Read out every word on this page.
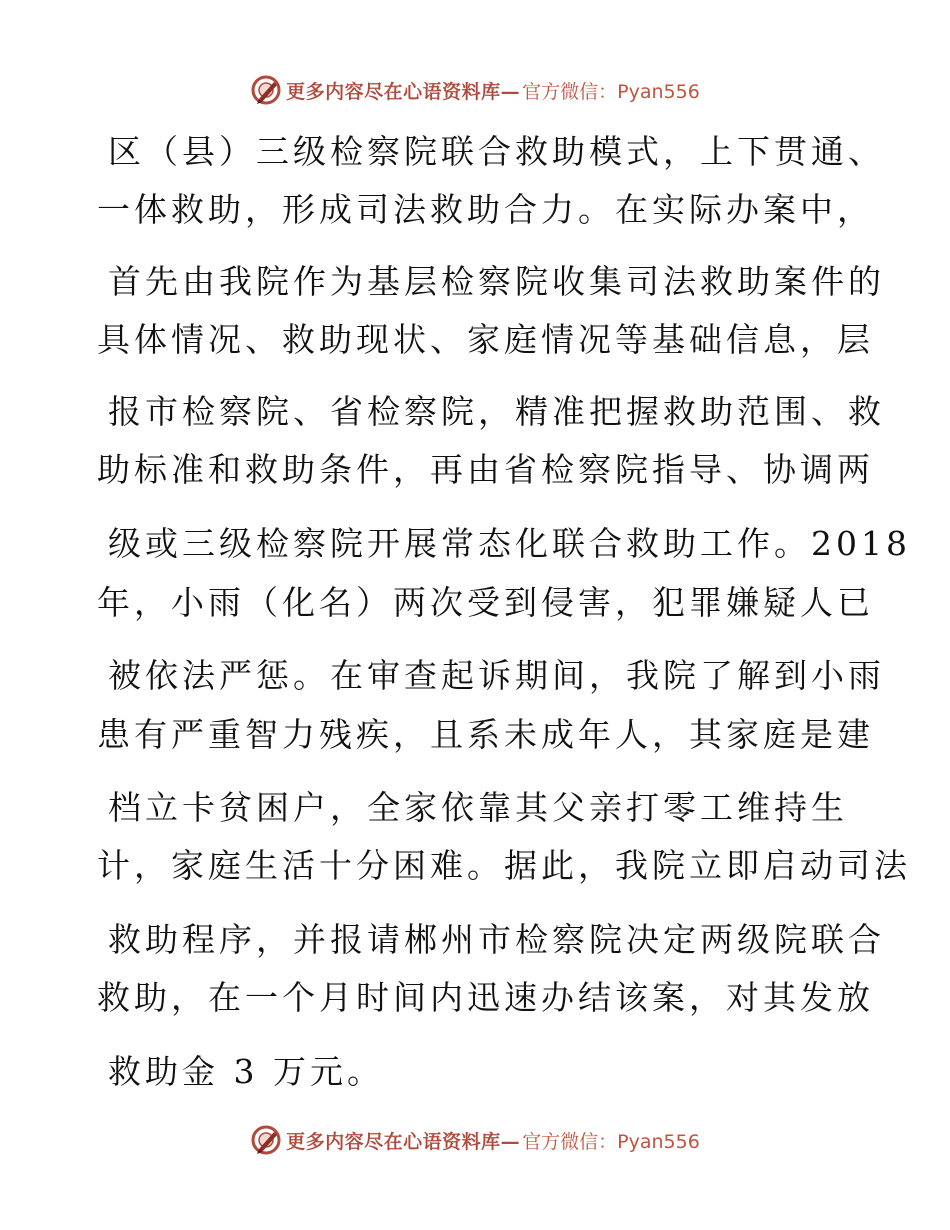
更多内容尽在心语资料库— 官方微信：Pyan556
区（县）三级检察院联合救助模式，上下贯通、
一体救助，形成司法救助合力。在实际办案中，
首先由我院作为基层检察院收集司法救助案件的
具体情况、救助现状、家庭情况等基础信息，层
报市检察院、省检察院，精准把握救助范围、救
助标准和救助条件，再由省检察院指导、协调两
级或三级检察院开展常态化联合救助工作。2018
年，小雨（化名）两次受到侵害，犯罪嫌疑人已
被依法严惩。在审查起诉期间，我院了解到小雨
患有严重智力残疾，且系未成年人，其家庭是建
档立卡贫困户，全家依靠其父亲打零工维持生
计，家庭生活十分困难。据此，我院立即启动司法
救助程序，并报请郴州市检察院决定两级院联合
救助，在一个月时间内迅速办结该案，对其发放
救助金 3 万元。
更多内容尽在心语资料库— 官方微信：Pyan556
